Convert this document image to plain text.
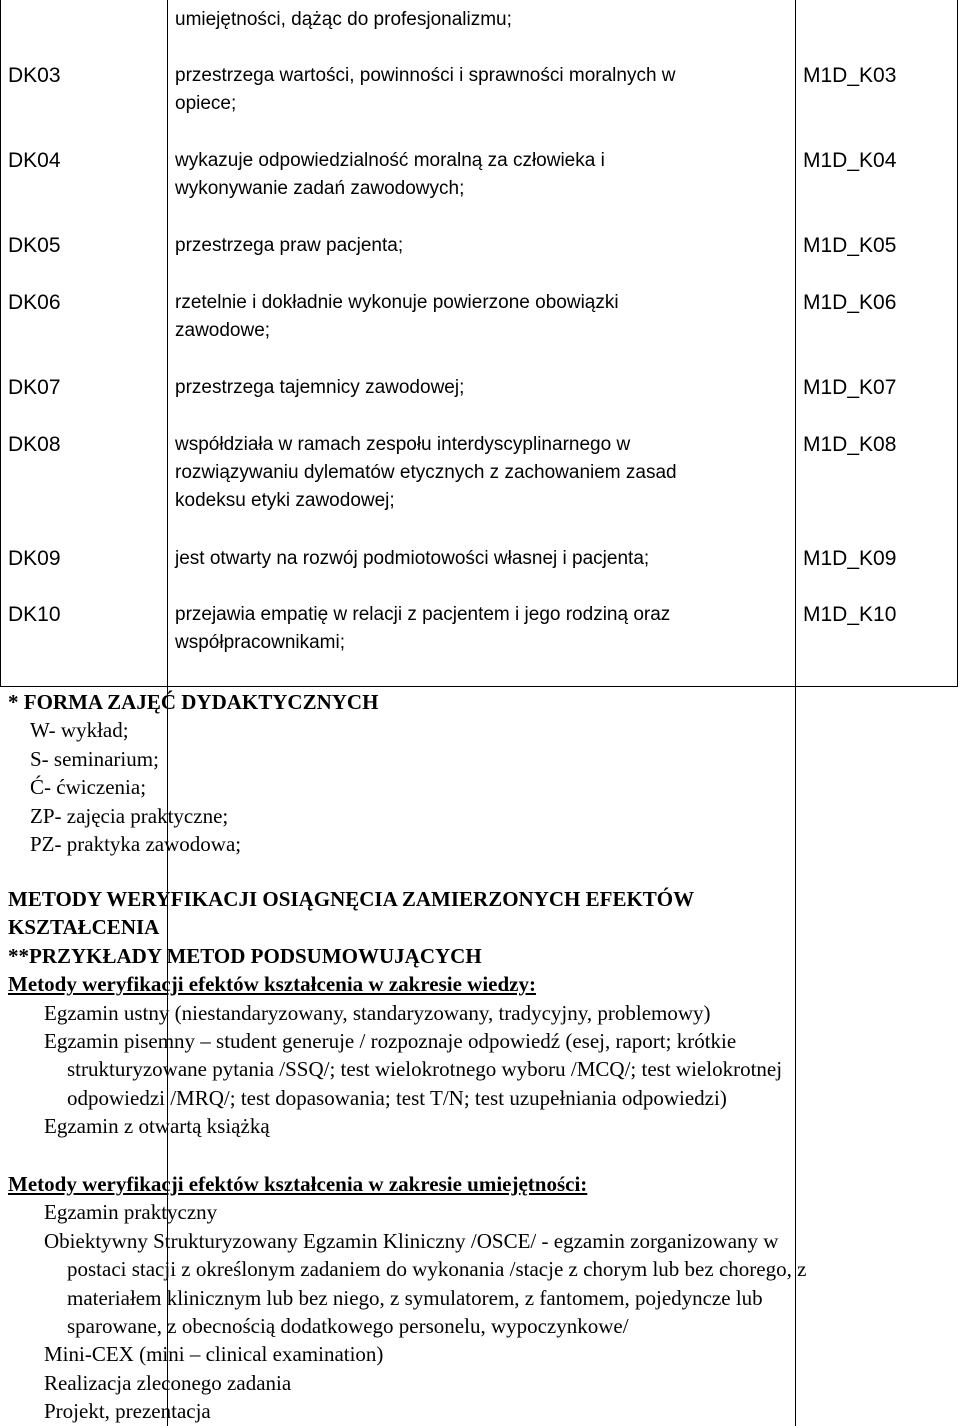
umiejętności, dążąc do profesjonalizmu;
DK03	przestrzega wartości, powinności i sprawności moralnych w
opiece;
M1D_K03
DK04	wykazuje odpowiedzialność moralną za człowieka i
wykonywanie zadań zawodowych;
M1D_K04
DK05	przestrzega praw pacjenta;	M1D_K05
DK06	rzetelnie i dokładnie wykonuje powierzone obowiązki
zawodowe;
M1D_K06
DK07	przestrzega tajemnicy zawodowej;	M1D_K07
DK08	współdziała w ramach zespołu interdyscyplinarnego w
rozwiązywaniu dylematów etycznych z zachowaniem zasad
kodeksu etyki zawodowej;
M1D_K08
DK09	jest otwarty na rozwój podmiotowości własnej i pacjenta;	M1D_K09
DK10	przejawia empatię w relacji z pacjentem i jego rodziną oraz
współpracownikami;
M1D_K10
* FORMA ZAJĘĆ DYDAKTYCZNYCH
W- wykład;
S- seminarium;
Ć- ćwiczenia;
ZP- zajęcia praktyczne;
PZ- praktyka zawodowa;
METODY WERYFIKACJI OSIĄGNĘCIA ZAMIERZONYCH EFEKTÓW
KSZTAŁCENIA
**PRZYKŁADY METOD PODSUMOWUJĄCYCH
Metody weryfikacji efektów kształcenia w zakresie wiedzy:
Egzamin ustny (niestandaryzowany, standaryzowany, tradycyjny, problemowy)
Egzamin pisemny – student generuje / rozpoznaje odpowiedź (esej, raport; krótkie
strukturyzowane pytania /SSQ/; test wielokrotnego wyboru /MCQ/; test wielokrotnej
odpowiedzi /MRQ/; test dopasowania; test T/N; test uzupełniania odpowiedzi)
Egzamin z otwartą książką
Metody weryfikacji efektów kształcenia w zakresie umiejętności:
Egzamin praktyczny
Obiektywny Strukturyzowany Egzamin Kliniczny /OSCE/ - egzamin zorganizowany w
postaci stacji z określonym zadaniem do wykonania /stacje z chorym lub bez chorego, z
materiałem klinicznym lub bez niego, z symulatorem, z fantomem, pojedyncze lub
sparowane, z obecnością dodatkowego personelu, wypoczynkowe/
Mini-CEX (mini – clinical examination)
Realizacja zleconego zadania
Projekt, prezentacja
